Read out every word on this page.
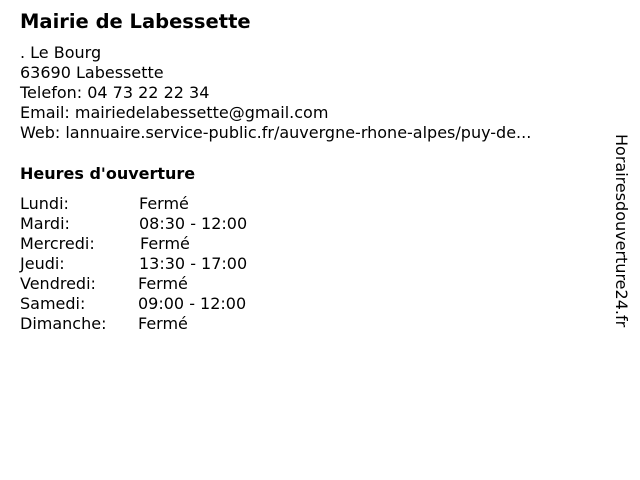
Mairie de Labessette
. Le Bourg
63690 Labessette
Telefon: 04 73 22 22 34
Email: mairiedelabessette@gmail.com
Web: lannuaire.service-public.fr/auvergne-rhone-alpes/puy-de...
Heures d'ouverture
Lundi:	Fermé
Mardi:	08:30 - 12:00
Mercredi:	Fermé
Jeudi:	13:30 - 17:00
Vendredi:	Fermé
Samedi:	09:00 - 12:00
Dimanche:	Fermé	Horairesdouverture24.fr
